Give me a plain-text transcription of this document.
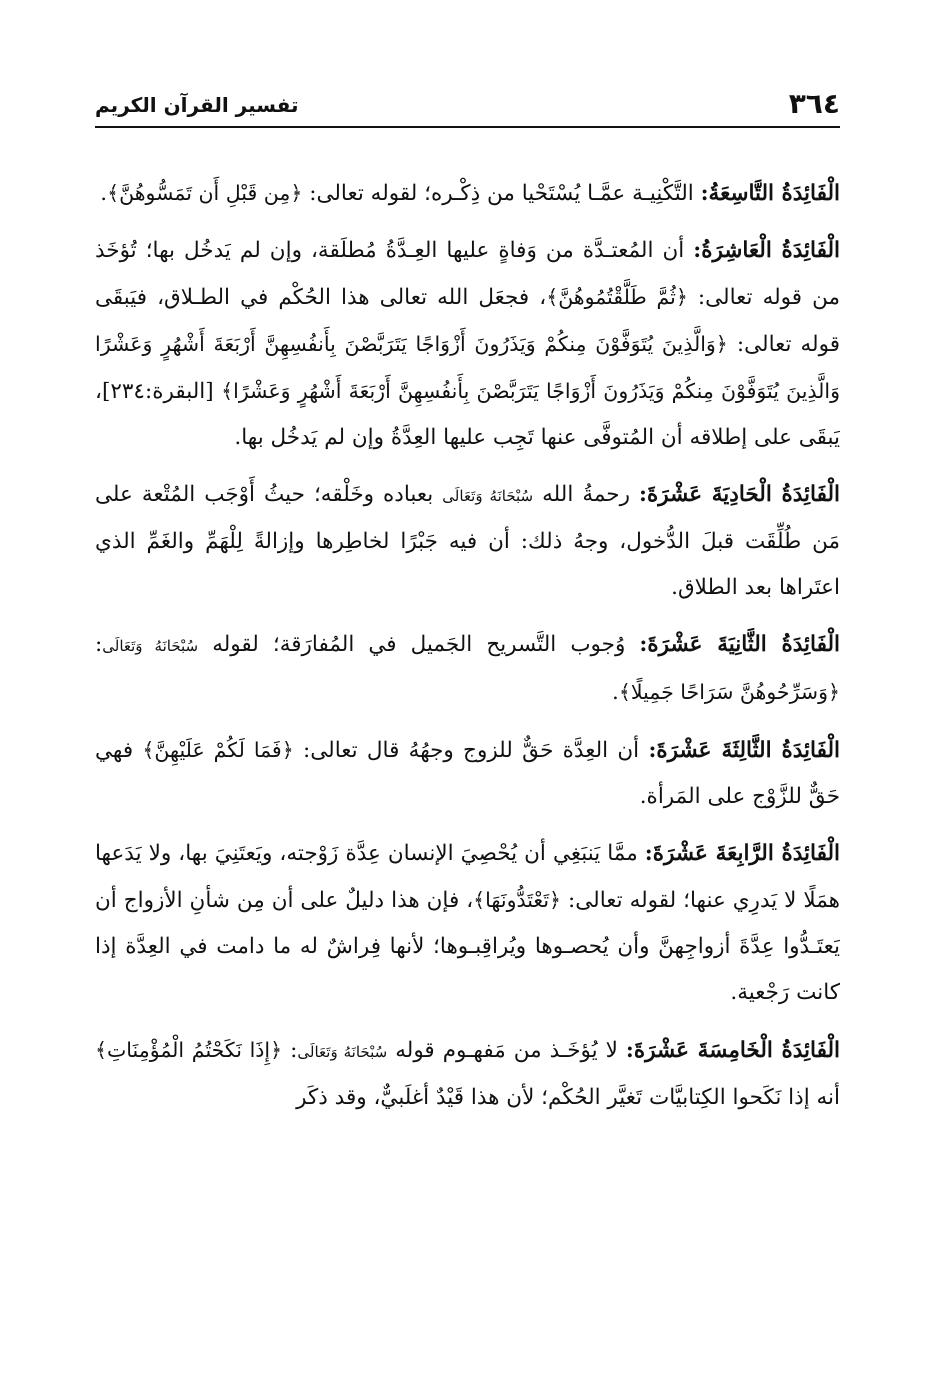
٣٦٤
تفسير القرآن الكريم

الْفَائِدَةُ التَّاسِعَةُ: التَّكْنِيـة عمَّـا يُسْتَحْيا من ذِكْـره؛ لقوله تعالى: ﴿مِن قَبْلِ أَن تَمَسُّوهُنَّ﴾.

الْفَائِدَةُ الْعَاشِرَةُ: أن المُعتـدَّة من وَفاةٍ عليها العِـدَّةُ مُطلَقة، وإن لم يَدخُل بها؛ تُؤخَذ من قوله تعالى: ﴿ثُمَّ طَلَّقْتُمُوهُنَّ﴾، فجعَل الله تعالى هذا الحُكْم في الطـلاق، فيَبقَى قوله تعالى: ﴿وَالَّذِينَ يُتَوَفَّوْنَ مِنكُمْ وَيَذَرُونَ أَزْوَاجًا يَتَرَبَّصْنَ بِأَنفُسِهِنَّ أَرْبَعَةَ أَشْهُرٍ وَعَشْرًا وَالَّذِينَ يُتَوَفَّوْنَ مِنكُمْ وَيَذَرُونَ أَزْوَاجًا يَتَرَبَّصْنَ بِأَنفُسِهِنَّ أَرْبَعَةَ أَشْهُرٍ وَعَشْرًا﴾ [البقرة:٢٣٤]، يَبقَى على إطلاقه أن المُتوفَّى عنها تَجِب عليها العِدَّةُ وإن لم يَدخُل بها.

الْفَائِدَةُ الْحَادِيَةَ عَشْرَةَ: رحمةُ الله سُبْحَانَهُ وَتَعَالَى بعباده وخَلْقه؛ حيثُ أَوْجَب المُتْعة على مَن طُلِّقَت قبلَ الدُّخول، وجهُ ذلك: أن فيه جَبْرًا لخاطِرها وإزالةً لِلْهَمِّ والغَمِّ الذي اعتَراها بعد الطلاق.

الْفَائِدَةُ الثَّانِيَةَ عَشْرَةَ: وُجوب التَّسريح الجَميل في المُفارَقة؛ لقوله سُبْحَانَهُ وَتَعَالَى: ﴿وَسَرِّحُوهُنَّ سَرَاحًا جَمِيلًا﴾.

الْفَائِدَةُ الثَّالِثَةَ عَشْرَةَ: أن العِدَّة حَقٌّ للزوج وجهُهُ قال تعالى: ﴿فَمَا لَكُمْ عَلَيْهِنَّ﴾ فهي حَقٌّ للزَّوْج على المَرأة.

الْفَائِدَةُ الرَّابِعَةَ عَشْرَةَ: ممَّا يَنبَغِي أن يُحْصِيَ الإنسان عِدَّة زَوْجته، ويَعتَنِيَ بها، ولا يَدَعها همَلًا لا يَدرِي عنها؛ لقوله تعالى: ﴿تَعْتَدُّونَهَا﴾، فإن هذا دليلٌ على أن مِن شأنِ الأزواج أن يَعتَـدُّوا عِدَّةَ أزواجِهنَّ وأن يُحصـوها ويُراقِبـوها؛ لأنها فِراشٌ له ما دامت في العِدَّة إذا كانت رَجْعية.

الْفَائِدَةُ الْخَامِسَةَ عَشْرَةَ: لا يُؤخَـذ من مَفهـوم قوله سُبْحَانَهُ وَتَعَالَى: ﴿إِذَا نَكَحْتُمُ الْمُؤْمِنَاتِ﴾ أنه إذا نَكَحوا الكِتابيَّات تَغيَّر الحُكْم؛ لأن هذا قَيْدٌ أغلَبيٌّ، وقد ذكَر
